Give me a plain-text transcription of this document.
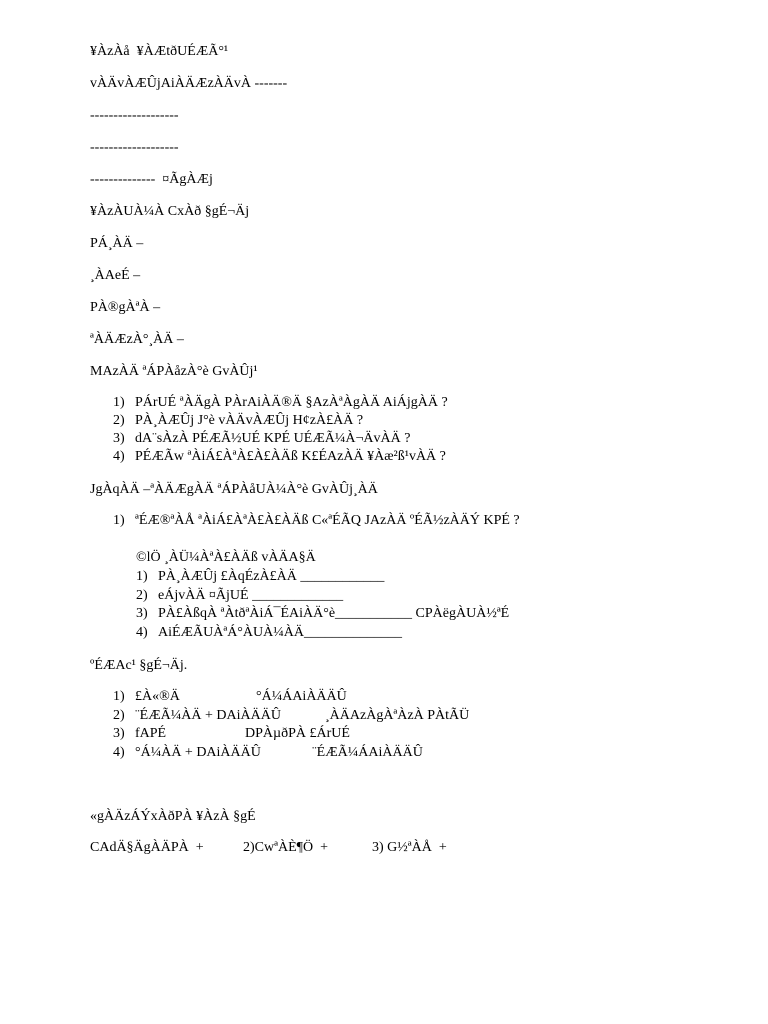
¥ÀzÀå  ¥ÀÆtðUÉÆÃ°¹
vÀÄvÀÆÛjAiÀÄÆzÀÄvÀ -------
-------------------
-------------------
--------------  ¤ÃgÀÆj
¥ÀzÀUÀ¼À CxÀð §gÉ¬Äj
PÁ¸ÀÄ –
¸ÀAeÉ –
PÀ®gÀªÀ –
ªÀÄÆzÀ°¸ÀÄ –
MAzÀÄ ªÁPÀåzÀ°è GvÀÛj¹
1) PÁrUÉ ªÀÄgÀ PÀrAiÀÄ®Ä §AzÀªÀgÀÄ AiÁjgÀÄ ?
2) PÀ¸ÀÆÛj J°è vÀÄvÀÆÛj H¢zÀ£ÀÄ ?
3) dA¨sÀzÀ PÉÆÃ½UÉ KPÉ UÉÆÃ¼À¬ÄvÀÄ ?
4) PÉÆÃw ªÀiÁ£ÀªÀ£À£ÀÄß K£ÉAzÀÄ ¥Àæ²ß¹vÀÄ ?
JgÀqÀÄ –ªÀÄÆgÀÄ ªÁPÀåUÀ¼À°è GvÀÛj¸ÀÄ
1) ªÉÆ®ªÀÅ ªÀiÁ£ÀªÀ£À£ÀÄß C«ªÉÃQ JAzÀÄ ºÉÃ½zÀÄÝ KPÉ ?
©lÖ ¸ÀÜ¼ÀªÀ£ÀÄß vÀÄA§Ä
1) PÀ¸ÀÆÛj £ÀqÉzÀ£ÀÄ ____________
2) eÁjvÀÄ ¤ÃjUÉ _____________
3) PÀ£ÀßqÀ ªÀtðªÀiÁ¯ÉAiÀÄ°è___________ CPÀëgÀUÀ½ªÉ
4) AiÉÆÃUÀªÁ°ÀUÀ¼ÀÄ______________
ºÉÆAc¹ §gÉ¬Äj.
1) £À«®Ä	°Á¼ÁAiÀÄÄÛ
2) ¨ÉÆÃ¼ÀÄ + DAiÀÄÄÛ	¸ÀÄAzÀgÀªÀzÀ PÀtÃÜ
3) fAPÉ	DPÀµðPÀ £ÁrUÉ
4) °Á¼ÀÄ + DAiÀÄÄÛ	¨ÉÆÃ¼ÁAiÀÄÄÛ
«gÀÄzÁÝxÀðPÀ ¥ÀzÀ §gÉ
CAdÄ§ÄgÀÄPÀ  +	2)CwªÀÈ¶Ö  +	3) G½ªÀÅ  +
